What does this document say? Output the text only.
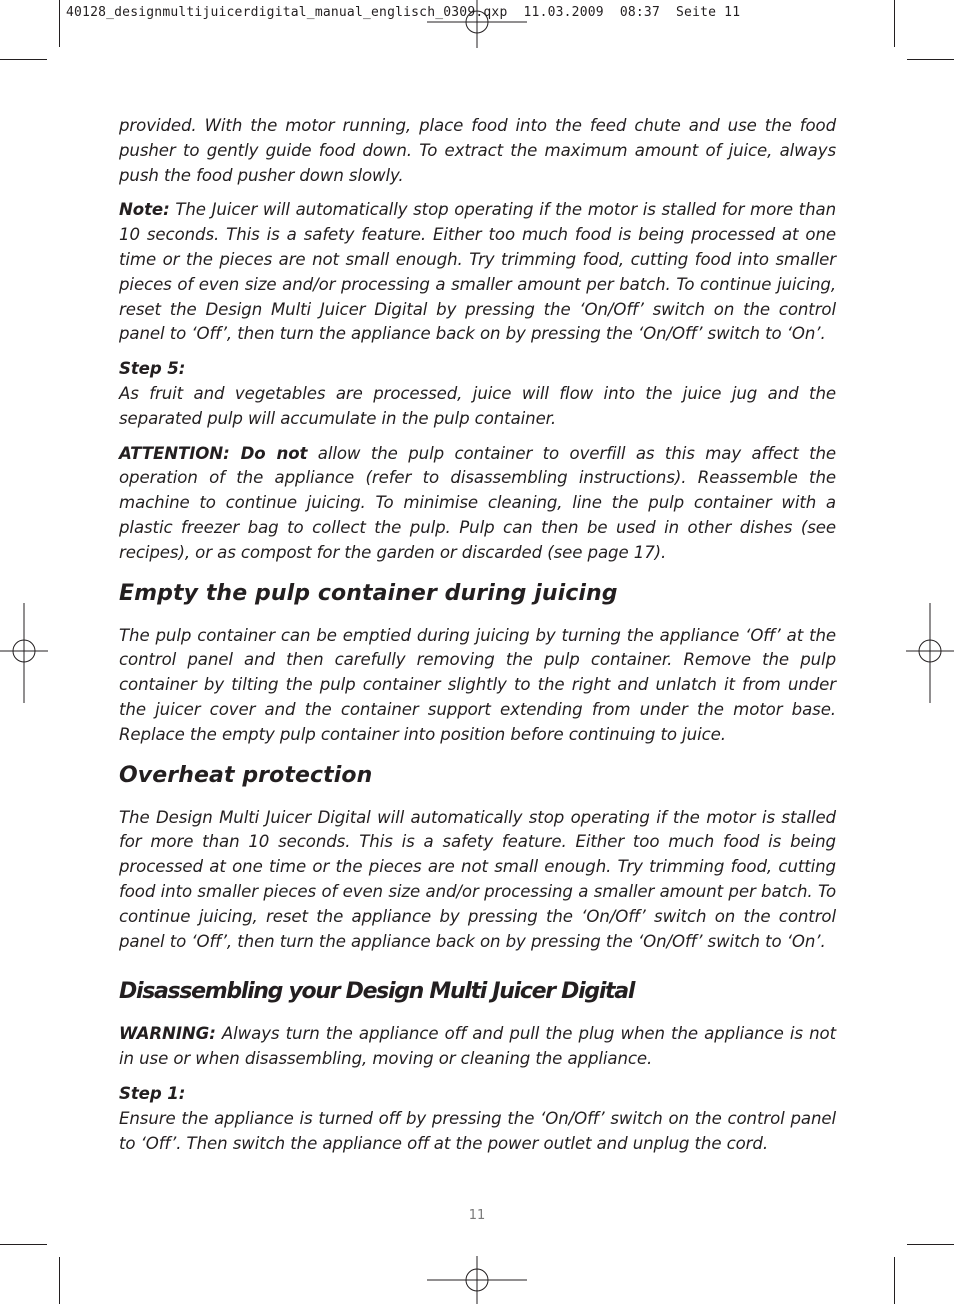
40128_designmultijuicerdigital_manual_englisch_0309.qxp  11.03.2009  08:37  Seite 11

provided. With the motor running, place food into the feed chute and use the food pusher to gently guide food down. To extract the maximum amount of juice, always push the food pusher down slowly.

Note: The Juicer will automatically stop operating if the motor is stalled for more than 10 seconds. This is a safety feature. Either too much food is being processed at one time or the pieces are not small enough. Try trimming food, cutting food into smaller pieces of even size and/or processing a smaller amount per batch. To continue juicing, reset the Design Multi Juicer Digital by pressing the ‘On/Off’ switch on the control panel to ‘Off’, then turn the appliance back on by pressing the ‘On/Off’ switch to ‘On’.

Step 5:
As fruit and vegetables are processed, juice will flow into the juice jug and the separated pulp will accumulate in the pulp container.

ATTENTION: Do not allow the pulp container to overfill as this may affect the operation of the appliance (refer to disassembling instructions). Reassemble the machine to continue juicing. To minimise cleaning, line the pulp container with a plastic freezer bag to collect the pulp. Pulp can then be used in other dishes (see recipes), or as compost for the garden or discarded (see page 17).

Empty the pulp container during juicing

The pulp container can be emptied during juicing by turning the appliance ‘Off’ at the control panel and then carefully removing the pulp container. Remove the pulp container by tilting the pulp container slightly to the right and unlatch it from under the juicer cover and the container support extending from under the motor base. Replace the empty pulp container into position before continuing to juice.

Overheat protection

The Design Multi Juicer Digital will automatically stop operating if the motor is stalled for more than 10 seconds. This is a safety feature. Either too much food is being processed at one time or the pieces are not small enough. Try trimming food, cutting food into smaller pieces of even size and/or processing a smaller amount per batch. To continue juicing, reset the appliance by pressing the ‘On/Off’ switch on the control panel to ‘Off’, then turn the appliance back on by pressing the ‘On/Off’ switch to ‘On’.

Disassembling your Design Multi Juicer Digital

WARNING: Always turn the appliance off and pull the plug when the appliance is not in use or when disassembling, moving or cleaning the appliance.

Step 1:
Ensure the appliance is turned off by pressing the ‘On/Off’ switch on the control panel to ‘Off’. Then switch the appliance off at the power outlet and unplug the cord.

11
